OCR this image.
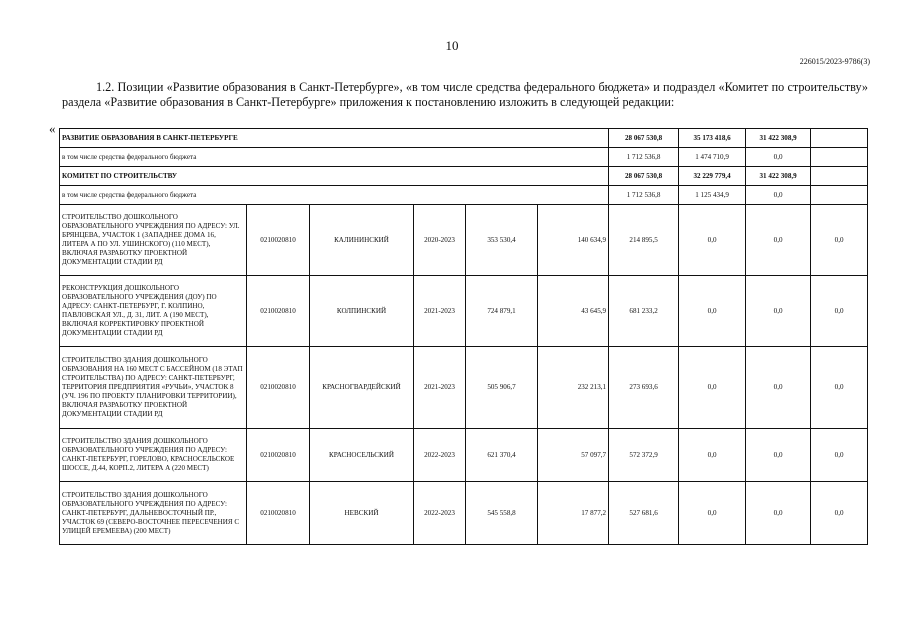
10
226015/2023-9786(3)

1.2. Позиции «Развитие образования в Санкт-Петербурге», «в том числе средства федерального бюджета» и подраздел «Комитет по строительству» раздела «Развитие образования в Санкт-Петербурге» приложения к постановлению изложить в следующей редакции:

«
РАЗВИТИЕ ОБРАЗОВАНИЯ В САНКТ-ПЕТЕРБУРГЕ						28 067 530,8	35 173 418,6	31 422 308,9	
в том числе средства федерального бюджета						1 712 536,8	1 474 710,9	0,0	
КОМИТЕТ ПО СТРОИТЕЛЬСТВУ						28 067 530,8	32 229 779,4	31 422 308,9	
в том числе средства федерального бюджета						1 712 536,8	1 125 434,9	0,0	
СТРОИТЕЛЬСТВО ДОШКОЛЬНОГО ОБРАЗОВАТЕЛЬНОГО УЧРЕЖДЕНИЯ ПО АДРЕСУ: УЛ. БРЯНЦЕВА, УЧАСТОК 1 (ЗАПАДНЕЕ ДОМА 16, ЛИТЕРА А ПО УЛ. УШИНСКОГО) (110 МЕСТ), ВКЛЮЧАЯ РАЗРАБОТКУ ПРОЕКТНОЙ ДОКУМЕНТАЦИИ СТАДИИ РД	0210020810	КАЛИНИНСКИЙ	2020-2023	353 530,4	140 634,9	214 895,5	0,0	0,0	0,0
РЕКОНСТРУКЦИЯ ДОШКОЛЬНОГО ОБРАЗОВАТЕЛЬНОГО УЧРЕЖДЕНИЯ (ДОУ) ПО АДРЕСУ: САНКТ-ПЕТЕРБУРГ, Г. КОЛПИНО, ПАВЛОВСКАЯ УЛ., Д. 31, ЛИТ. А (190 МЕСТ), ВКЛЮЧАЯ КОРРЕКТИРОВКУ ПРОЕКТНОЙ ДОКУМЕНТАЦИИ СТАДИИ РД	0210020810	КОЛПИНСКИЙ	2021-2023	724 879,1	43 645,9	681 233,2	0,0	0,0	0,0
СТРОИТЕЛЬСТВО ЗДАНИЯ ДОШКОЛЬНОГО ОБРАЗОВАНИЯ НА 160 МЕСТ С БАССЕЙНОМ (18 ЭТАП СТРОИТЕЛЬСТВА) ПО АДРЕСУ: САНКТ-ПЕТЕРБУРГ, ТЕРРИТОРИЯ ПРЕДПРИЯТИЯ «РУЧЬИ», УЧАСТОК 8 (УЧ. 196 ПО ПРОЕКТУ ПЛАНИРОВКИ ТЕРРИТОРИИ), ВКЛЮЧАЯ РАЗРАБОТКУ ПРОЕКТНОЙ ДОКУМЕНТАЦИИ СТАДИИ РД	0210020810	КРАСНОГВАРДЕЙСКИЙ	2021-2023	505 906,7	232 213,1	273 693,6	0,0	0,0	0,0
СТРОИТЕЛЬСТВО ЗДАНИЯ ДОШКОЛЬНОГО ОБРАЗОВАТЕЛЬНОГО УЧРЕЖДЕНИЯ ПО АДРЕСУ: САНКТ-ПЕТЕРБУРГ, ГОРЕЛОВО, КРАСНОСЕЛЬСКОЕ ШОССЕ, Д.44, КОРП.2, ЛИТЕРА А (220 МЕСТ)	0210020810	КРАСНОСЕЛЬСКИЙ	2022-2023	621 370,4	57 097,7	572 372,9	0,0	0,0	0,0
СТРОИТЕЛЬСТВО ЗДАНИЯ ДОШКОЛЬНОГО ОБРАЗОВАТЕЛЬНОГО УЧРЕЖДЕНИЯ ПО АДРЕСУ: САНКТ-ПЕТЕРБУРГ, ДАЛЬНЕВОСТОЧНЫЙ ПР., УЧАСТОК 69 (СЕВЕРО-ВОСТОЧНЕЕ ПЕРЕСЕЧЕНИЯ С УЛИЦЕЙ ЕРЕМЕЕВА) (200 МЕСТ)	0210020810	НЕВСКИЙ	2022-2023	545 558,8	17 877,2	527 681,6	0,0	0,0	0,0
